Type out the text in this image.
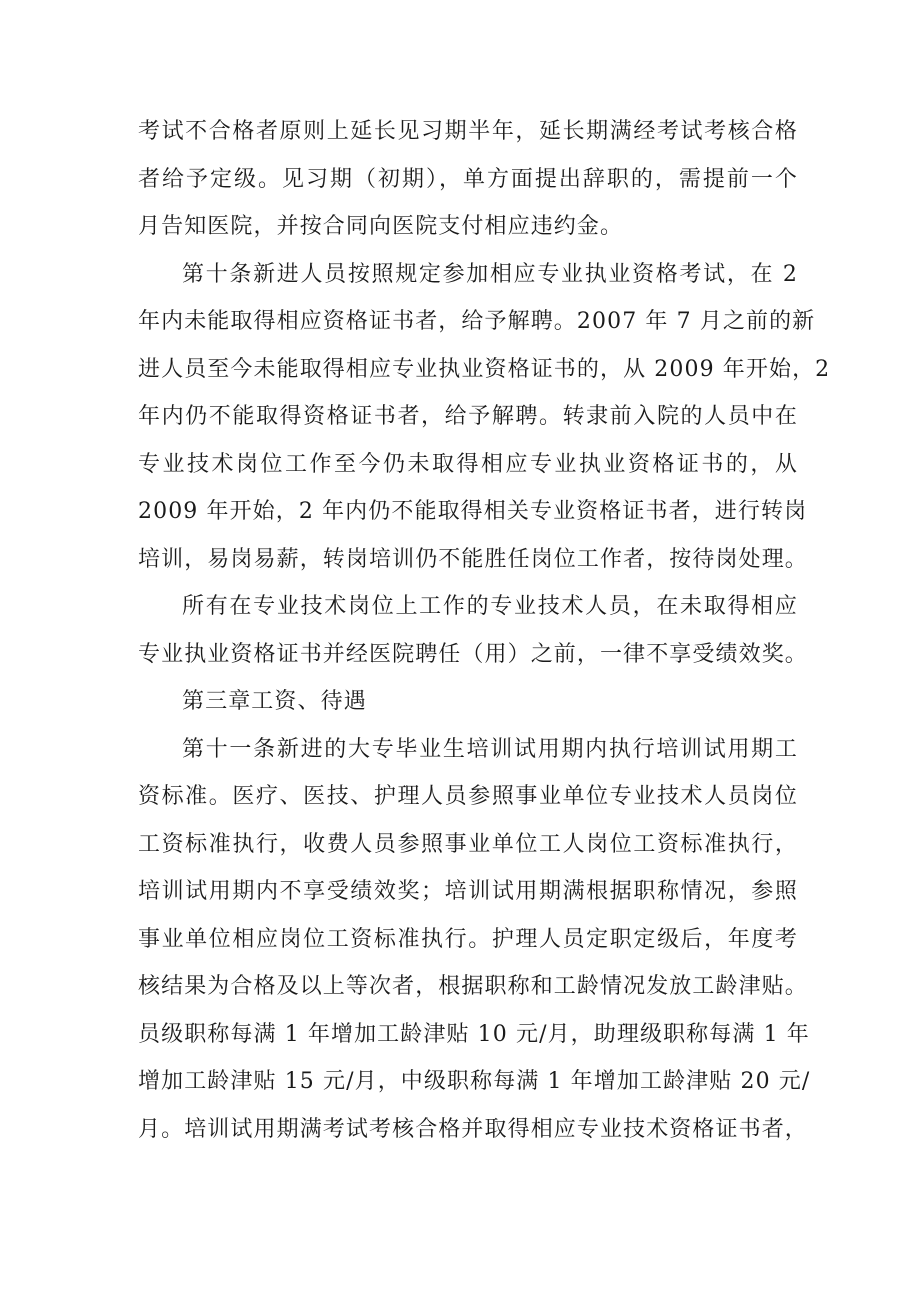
考试不合格者原则上延长见习期半年，延长期满经考试考核合格
者给予定级。见习期（初期），单方面提出辞职的，需提前一个
月告知医院，并按合同向医院支付相应违约金。
第十条新进人员按照规定参加相应专业执业资格考试，在 2
年内未能取得相应资格证书者，给予解聘。2007 年 7 月之前的新
进人员至今未能取得相应专业执业资格证书的，从 2009 年开始，2
年内仍不能取得资格证书者，给予解聘。转隶前入院的人员中在
专业技术岗位工作至今仍未取得相应专业执业资格证书的，从
2009 年开始，2 年内仍不能取得相关专业资格证书者，进行转岗
培训，易岗易薪，转岗培训仍不能胜任岗位工作者，按待岗处理。
所有在专业技术岗位上工作的专业技术人员，在未取得相应
专业执业资格证书并经医院聘任（用）之前，一律不享受绩效奖。
第三章工资、待遇
第十一条新进的大专毕业生培训试用期内执行培训试用期工
资标准。医疗、医技、护理人员参照事业单位专业技术人员岗位
工资标准执行，收费人员参照事业单位工人岗位工资标准执行，
培训试用期内不享受绩效奖；培训试用期满根据职称情况，参照
事业单位相应岗位工资标准执行。护理人员定职定级后，年度考
核结果为合格及以上等次者，根据职称和工龄情况发放工龄津贴。
员级职称每满 1 年增加工龄津贴 10 元/月，助理级职称每满 1 年
增加工龄津贴 15 元/月，中级职称每满 1 年增加工龄津贴 20 元/
月。培训试用期满考试考核合格并取得相应专业技术资格证书者，
